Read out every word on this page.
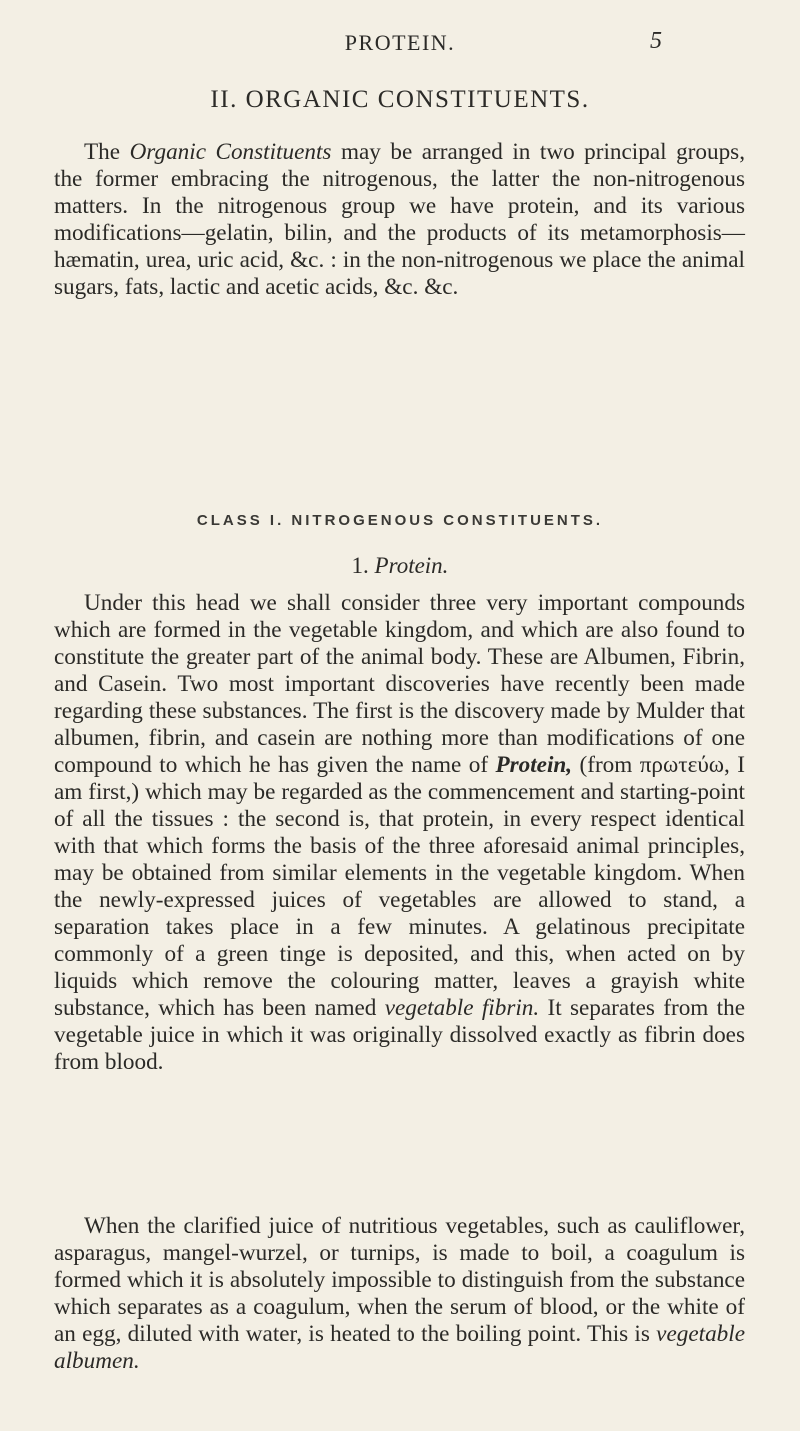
PROTEIN.	5
II. ORGANIC CONSTITUENTS.

The Organic Constituents may be arranged in two principal groups, the former embracing the nitrogenous, the latter the non-nitrogenous matters. In the nitrogenous group we have protein, and its various modifications—gelatin, bilin, and the products of its metamorphosis—hæmatin, urea, uric acid, &c. : in the non-nitrogenous we place the animal sugars, fats, lactic and acetic acids, &c. &c.

CLASS I. NITROGENOUS CONSTITUENTS.
1. Protein.

Under this head we shall consider three very important compounds which are formed in the vegetable kingdom, and which are also found to constitute the greater part of the animal body. These are Albumen, Fibrin, and Casein. Two most important discoveries have recently been made regarding these substances. The first is the discovery made by Mulder that albumen, fibrin, and casein are nothing more than modifications of one compound to which he has given the name of Protein, (from πρωτεύω, I am first,) which may be regarded as the commencement and starting-point of all the tissues : the second is, that protein, in every respect identical with that which forms the basis of the three aforesaid animal principles, may be obtained from similar elements in the vegetable kingdom. When the newly-expressed juices of vegetables are allowed to stand, a separation takes place in a few minutes. A gelatinous precipitate commonly of a green tinge is deposited, and this, when acted on by liquids which remove the colouring matter, leaves a grayish white substance, which has been named vegetable fibrin. It separates from the vegetable juice in which it was originally dissolved exactly as fibrin does from blood.

When the clarified juice of nutritious vegetables, such as cauliflower, asparagus, mangel-wurzel, or turnips, is made to boil, a coagulum is formed which it is absolutely impossible to distinguish from the substance which separates as a coagulum, when the serum of blood, or the white of an egg, diluted with water, is heated to the boiling point. This is vegetable albumen.
